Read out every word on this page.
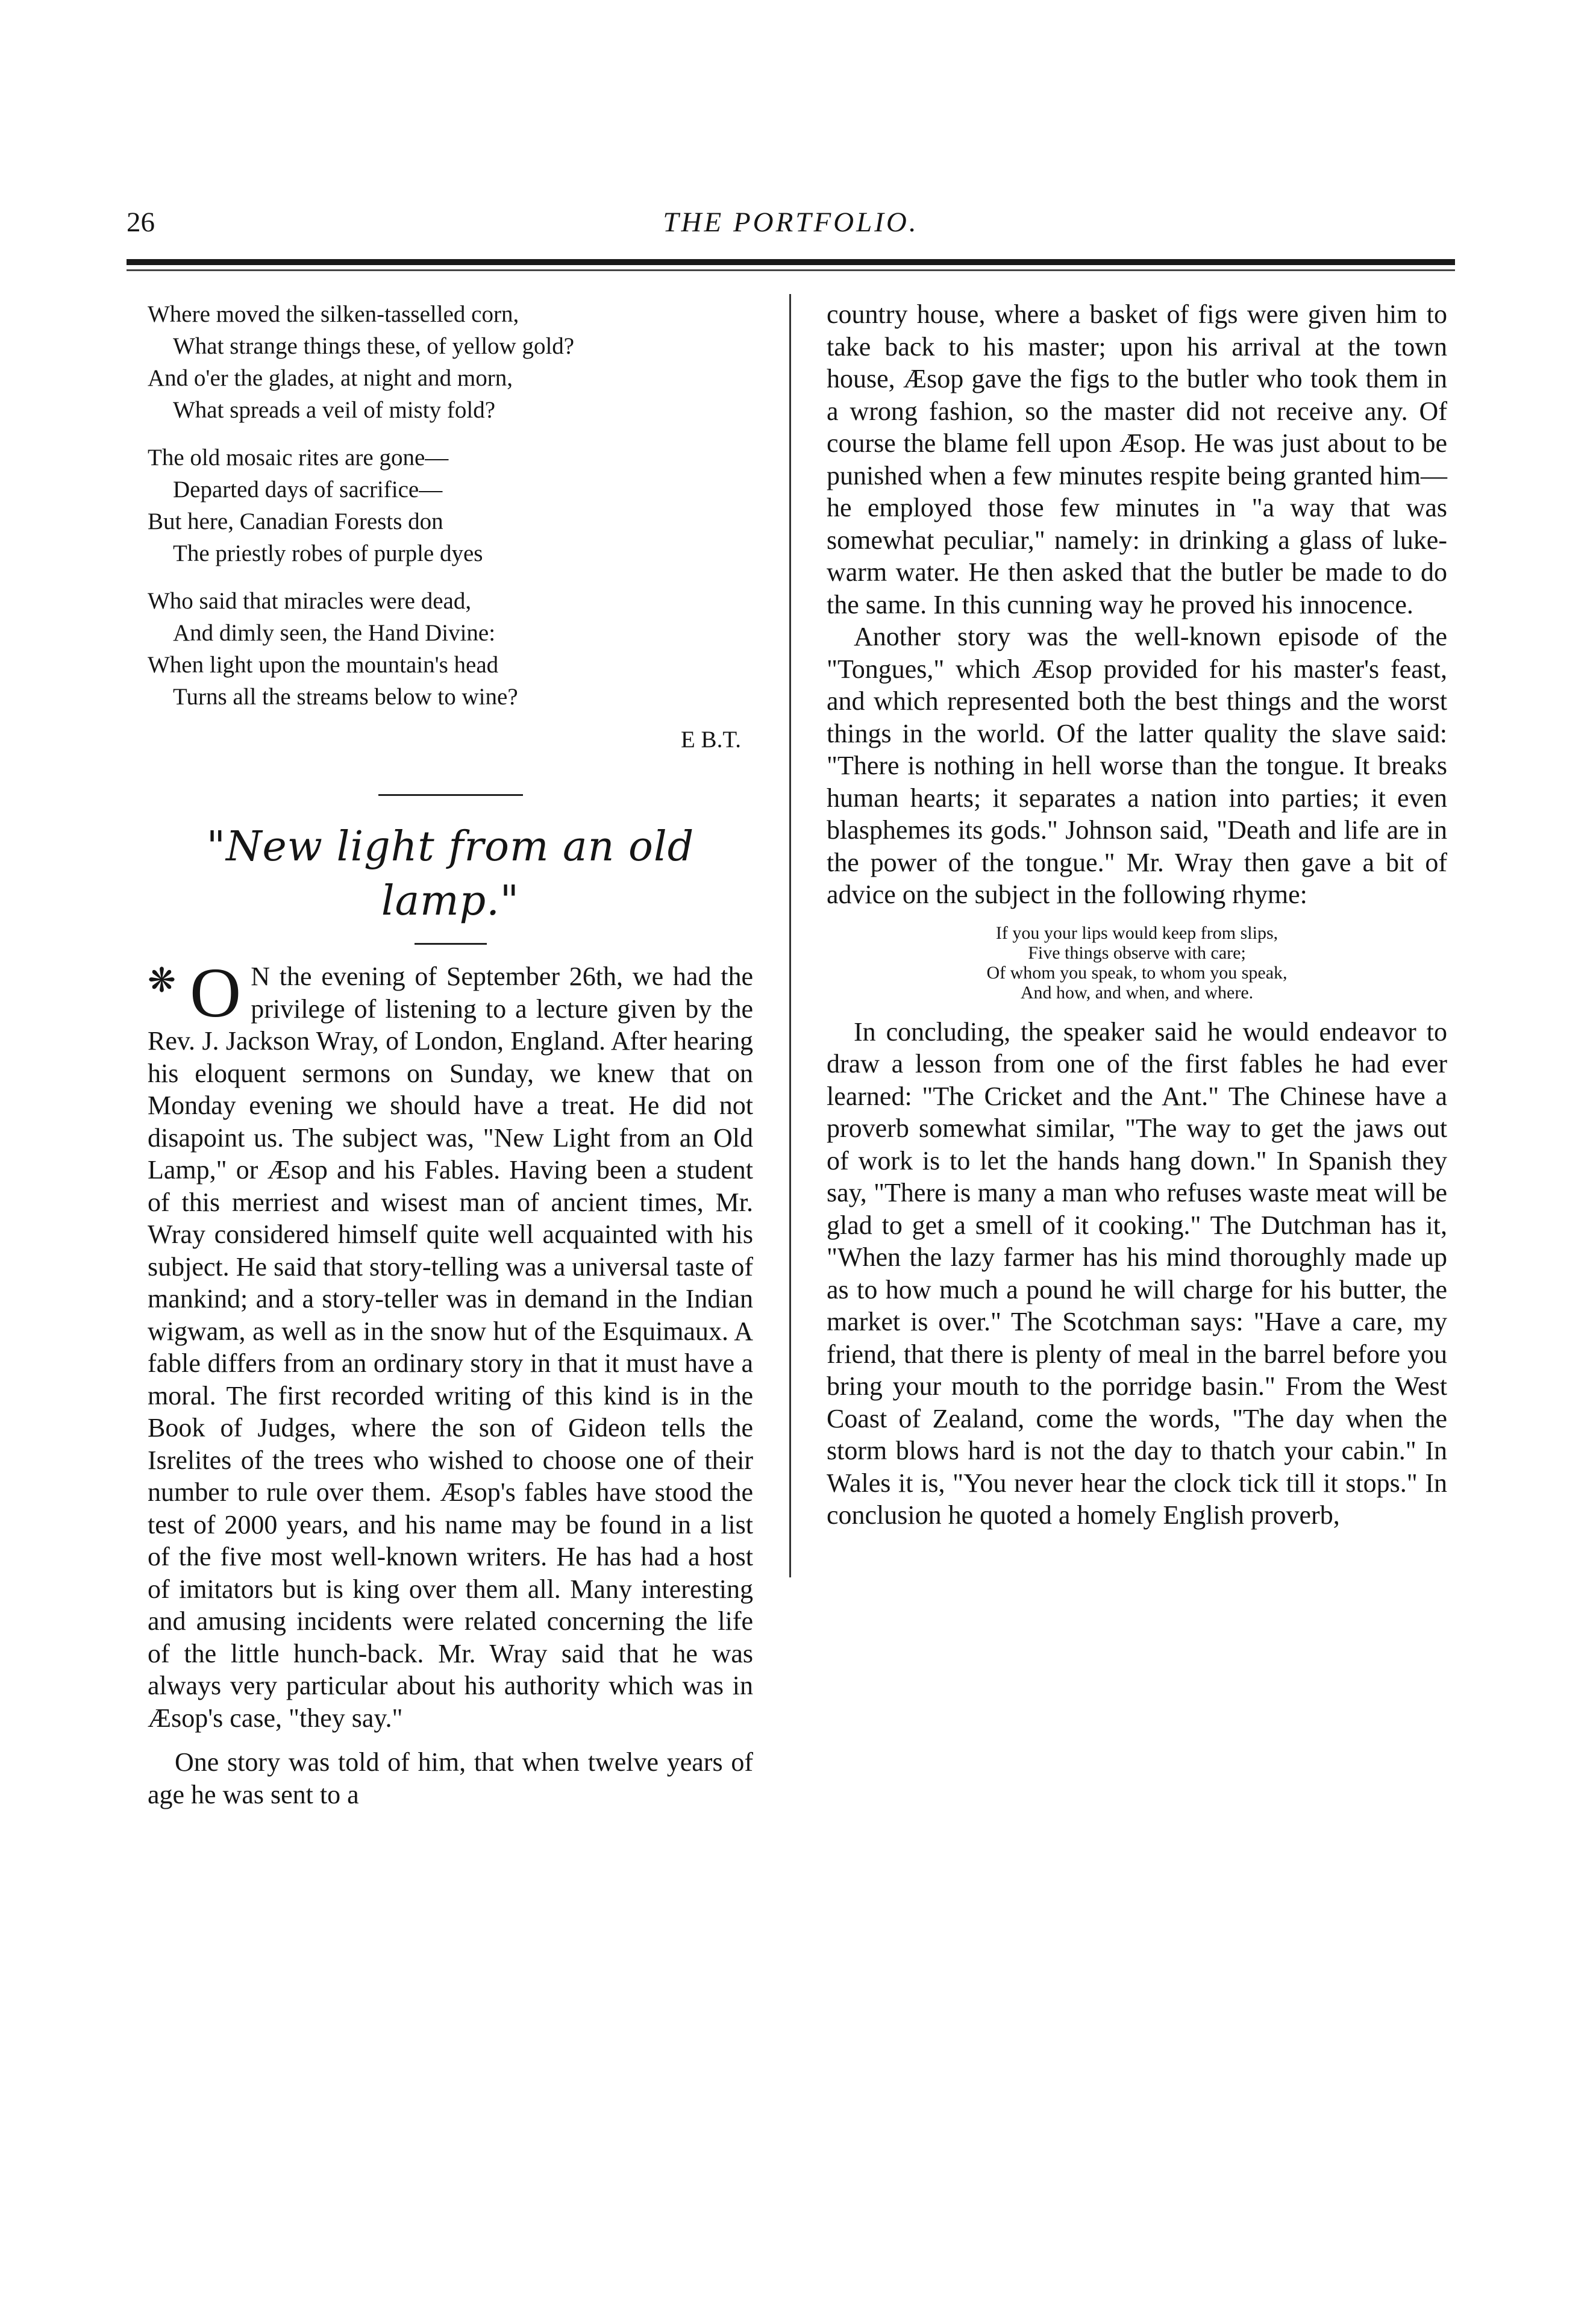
26	THE PORTFOLIO.
Where moved the silken-tasselled corn,
What strange things these, of yellow gold?
And o'er the glades, at night and morn,
What spreads a veil of misty fold?
The old mosaic rites are gone—
Departed days of sacrifice—
But here, Canadian Forests don
The priestly robes of purple dyes
Who said that miracles were dead,
And dimly seen, the Hand Divine:
When light upon the mountain's head
Turns all the streams below to wine?
E B.T.
"New light from an old lamp."
❋ O N the evening of September 26th, we had the privilege of listening to a lecture given by the Rev. J. Jackson Wray, of London, England. After hearing his eloquent sermons on Sunday, we knew that on Monday evening we should have a treat. He did not disapoint us. The subject was, "New Light from an Old Lamp," or Æsop and his Fables. Having been a student of this merriest and wisest man of ancient times, Mr. Wray considered himself quite well acquainted with his subject. He said that story-telling was a universal taste of mankind; and a story-teller was in demand in the Indian wigwam, as well as in the snow hut of the Esquimaux. A fable differs from an ordinary story in that it must have a moral. The first recorded writing of this kind is in the Book of Judges, where the son of Gideon tells the Isrelites of the trees who wished to choose one of their number to rule over them. Æsop's fables have stood the test of 2000 years, and his name may be found in a list of the five most well-known writers. He has had a host of imitators but is king over them all. Many interesting and amusing incidents were related concerning the life of the little hunch-back. Mr. Wray said that he was always very particular about his authority which was in Æsop's case, "they say."

One story was told of him, that when twelve years of age he was sent to a

country house, where a basket of figs were given him to take back to his master; upon his arrival at the town house, Æsop gave the figs to the butler who took them in a wrong fashion, so the master did not receive any. Of course the blame fell upon Æsop. He was just about to be punished when a few minutes respite being granted him—he employed those few minutes in "a way that was somewhat peculiar," namely: in drinking a glass of luke-warm water. He then asked that the butler be made to do the same. In this cunning way he proved his innocence.

Another story was the well-known episode of the "Tongues," which Æsop provided for his master's feast, and which represented both the best things and the worst things in the world. Of the latter quality the slave said: "There is nothing in hell worse than the tongue. It breaks human hearts; it separates a nation into parties; it even blasphemes its gods." Johnson said, "Death and life are in the power of the tongue." Mr. Wray then gave a bit of advice on the subject in the following rhyme:

If you your lips would keep from slips,
Five things observe with care;
Of whom you speak, to whom you speak,
And how, and when, and where.

In concluding, the speaker said he would endeavor to draw a lesson from one of the first fables he had ever learned: "The Cricket and the Ant." The Chinese have a proverb somewhat similar, "The way to get the jaws out of work is to let the hands hang down." In Spanish they say, "There is many a man who refuses waste meat will be glad to get a smell of it cooking." The Dutchman has it, "When the lazy farmer has his mind thoroughly made up as to how much a pound he will charge for his butter, the market is over." The Scotchman says: "Have a care, my friend, that there is plenty of meal in the barrel before you bring your mouth to the porridge basin." From the West Coast of Zealand, come the words, "The day when the storm blows hard is not the day to thatch your cabin." In Wales it is, "You never hear the clock tick till it stops." In conclusion he quoted a homely English proverb,
